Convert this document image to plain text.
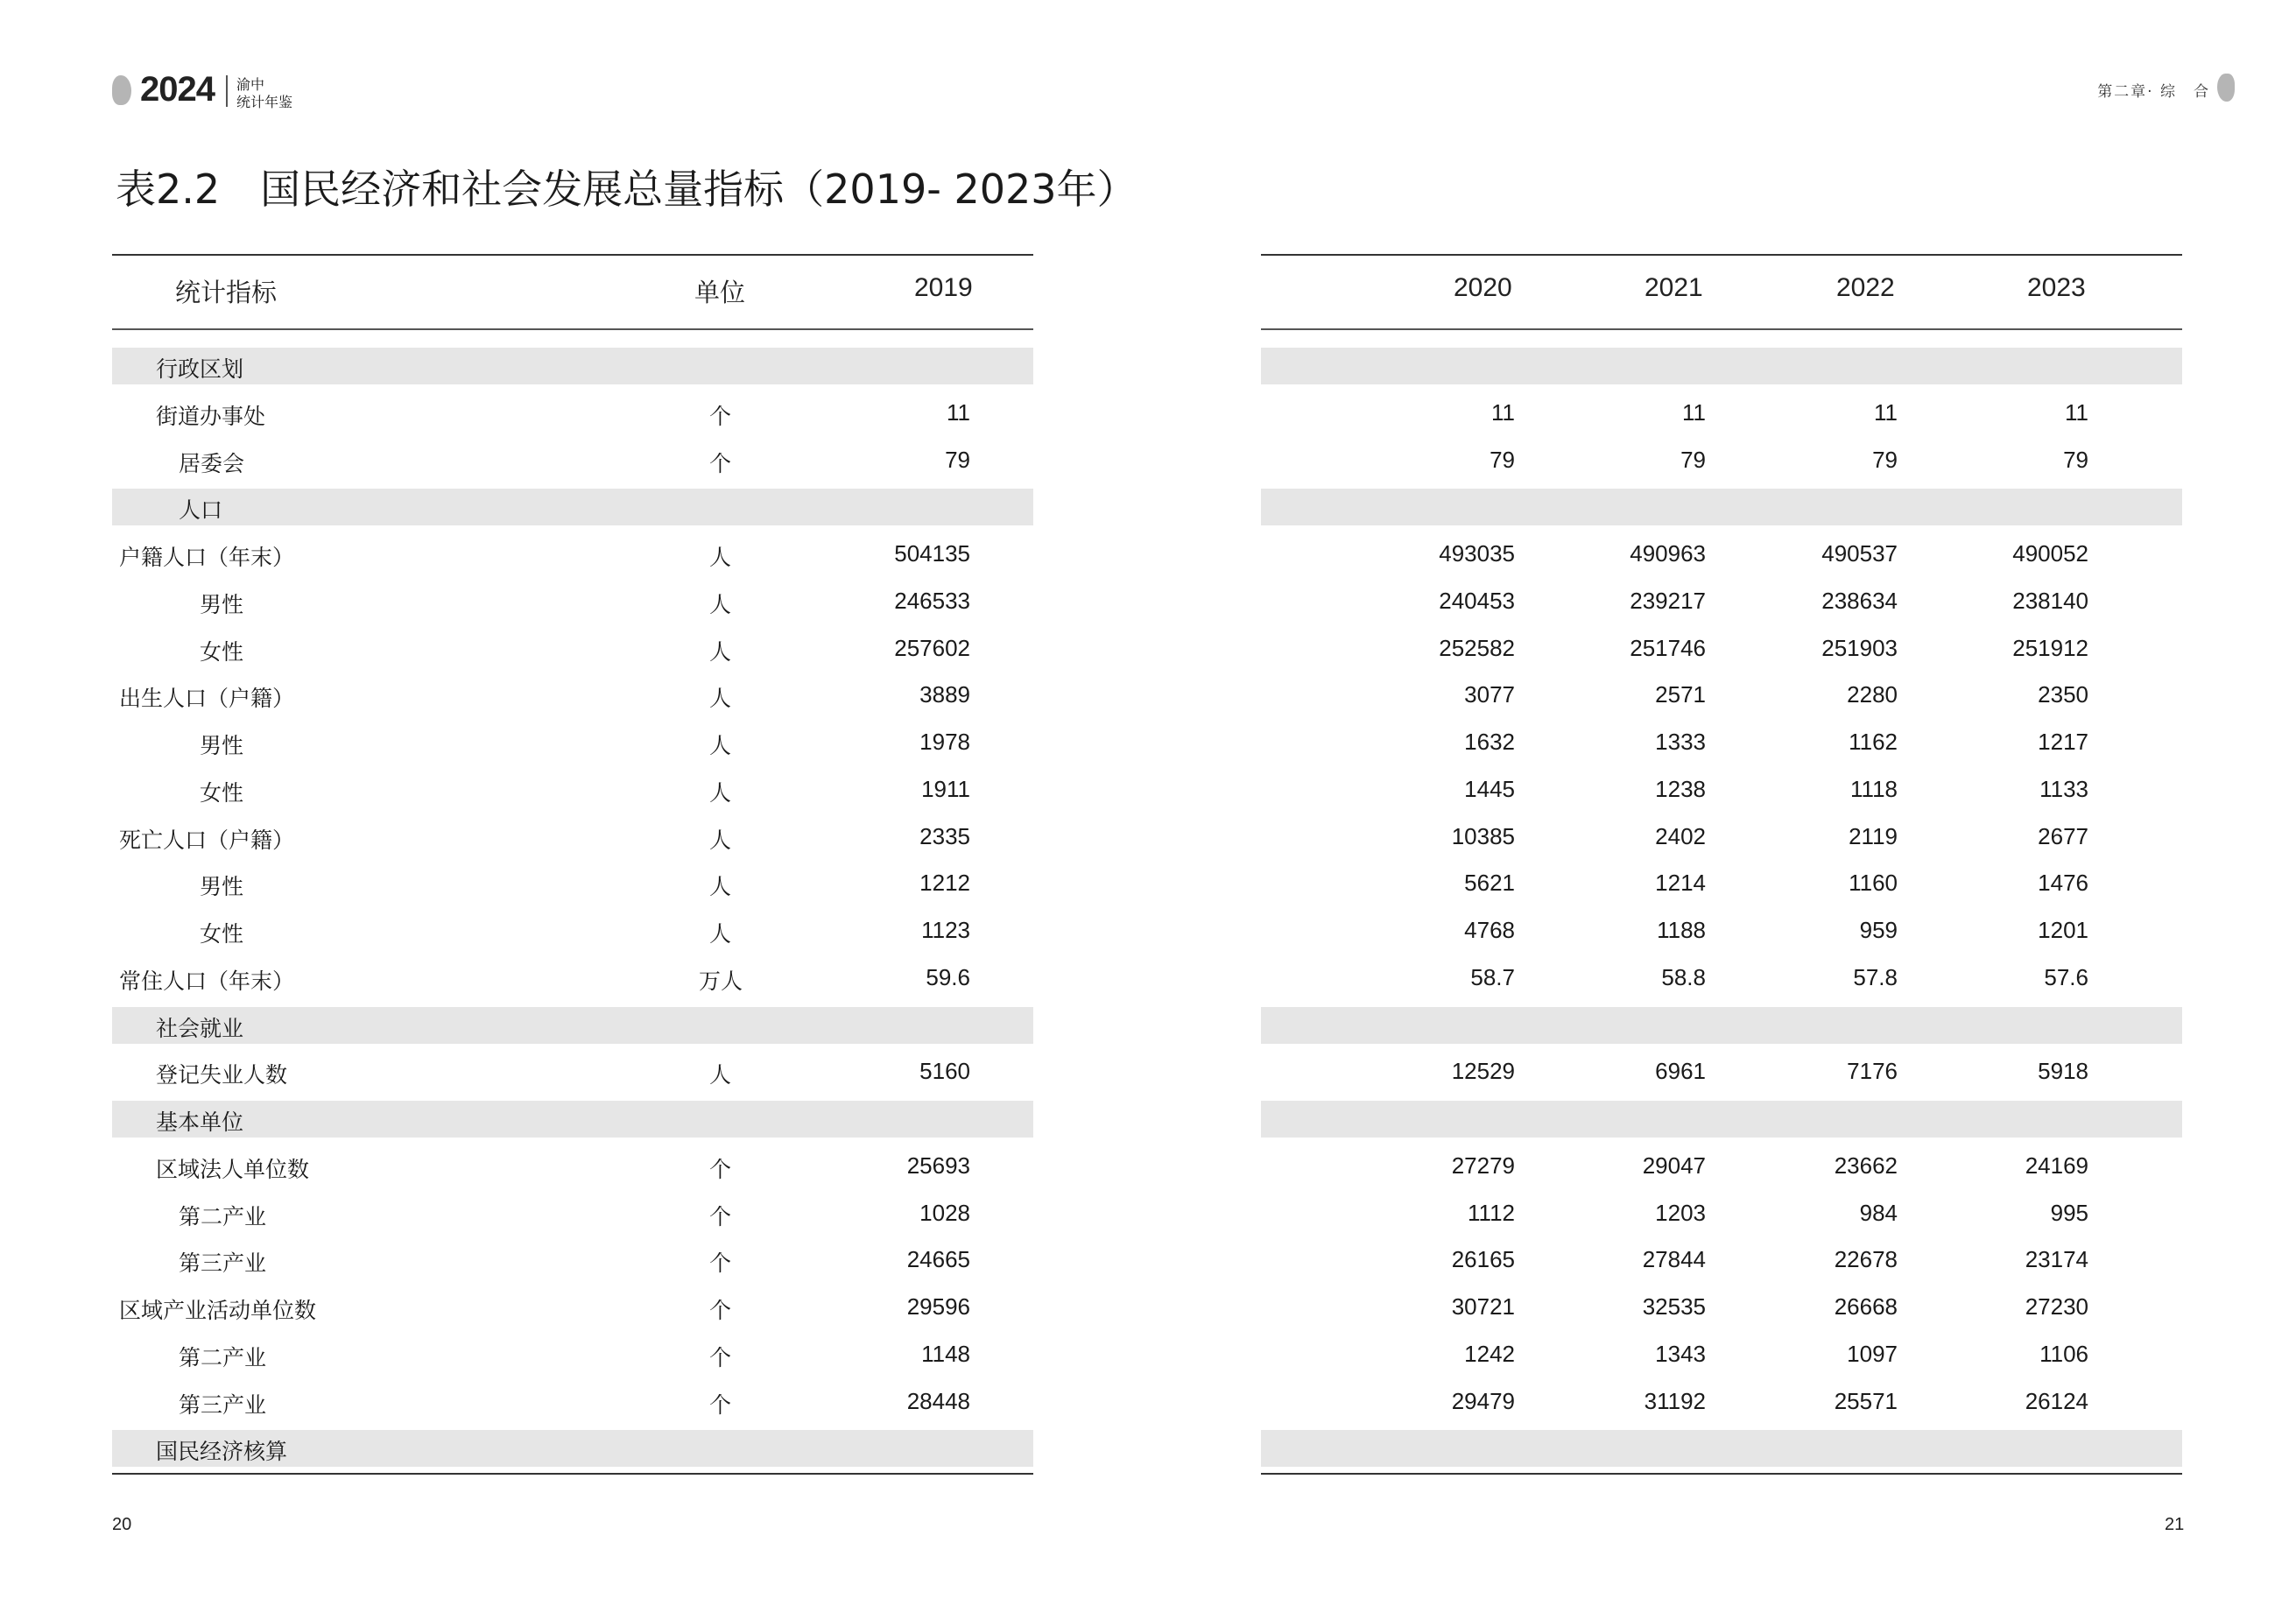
2024 渝中
统计年鉴
第二章· 综　合
表2.2　国民经济和社会发展总量指标（2019- 2023年）
统计指标	单位	2019
行政区划
街道办事处	个	11
居委会	个	79
人口
户籍人口（年末）	人	504135
男性	人	246533
女性	人	257602
出生人口（户籍）	人	3889
男性	人	1978
女性	人	1911
死亡人口（户籍）	人	2335
男性	人	1212
女性	人	1123
常住人口（年末）	万人	59.6
社会就业
登记失业人数	人	5160
基本单位
区域法人单位数	个	25693
第二产业	个	1028
第三产业	个	24665
区域产业活动单位数	个	29596
第二产业	个	1148
第三产业	个	28448
国民经济核算
2020	2021	2022	2023
11	11	11	11
79	79	79	79
493035	490963	490537	490052
240453	239217	238634	238140
252582	251746	251903	251912
3077	2571	2280	2350
1632	1333	1162	1217
1445	1238	1118	1133
10385	2402	2119	2677
5621	1214	1160	1476
4768	1188	959	1201
58.7	58.8	57.8	57.6
12529	6961	7176	5918
27279	29047	23662	24169
1112	1203	984	995
26165	27844	22678	23174
30721	32535	26668	27230
1242	1343	1097	1106
29479	31192	25571	26124
20	21
